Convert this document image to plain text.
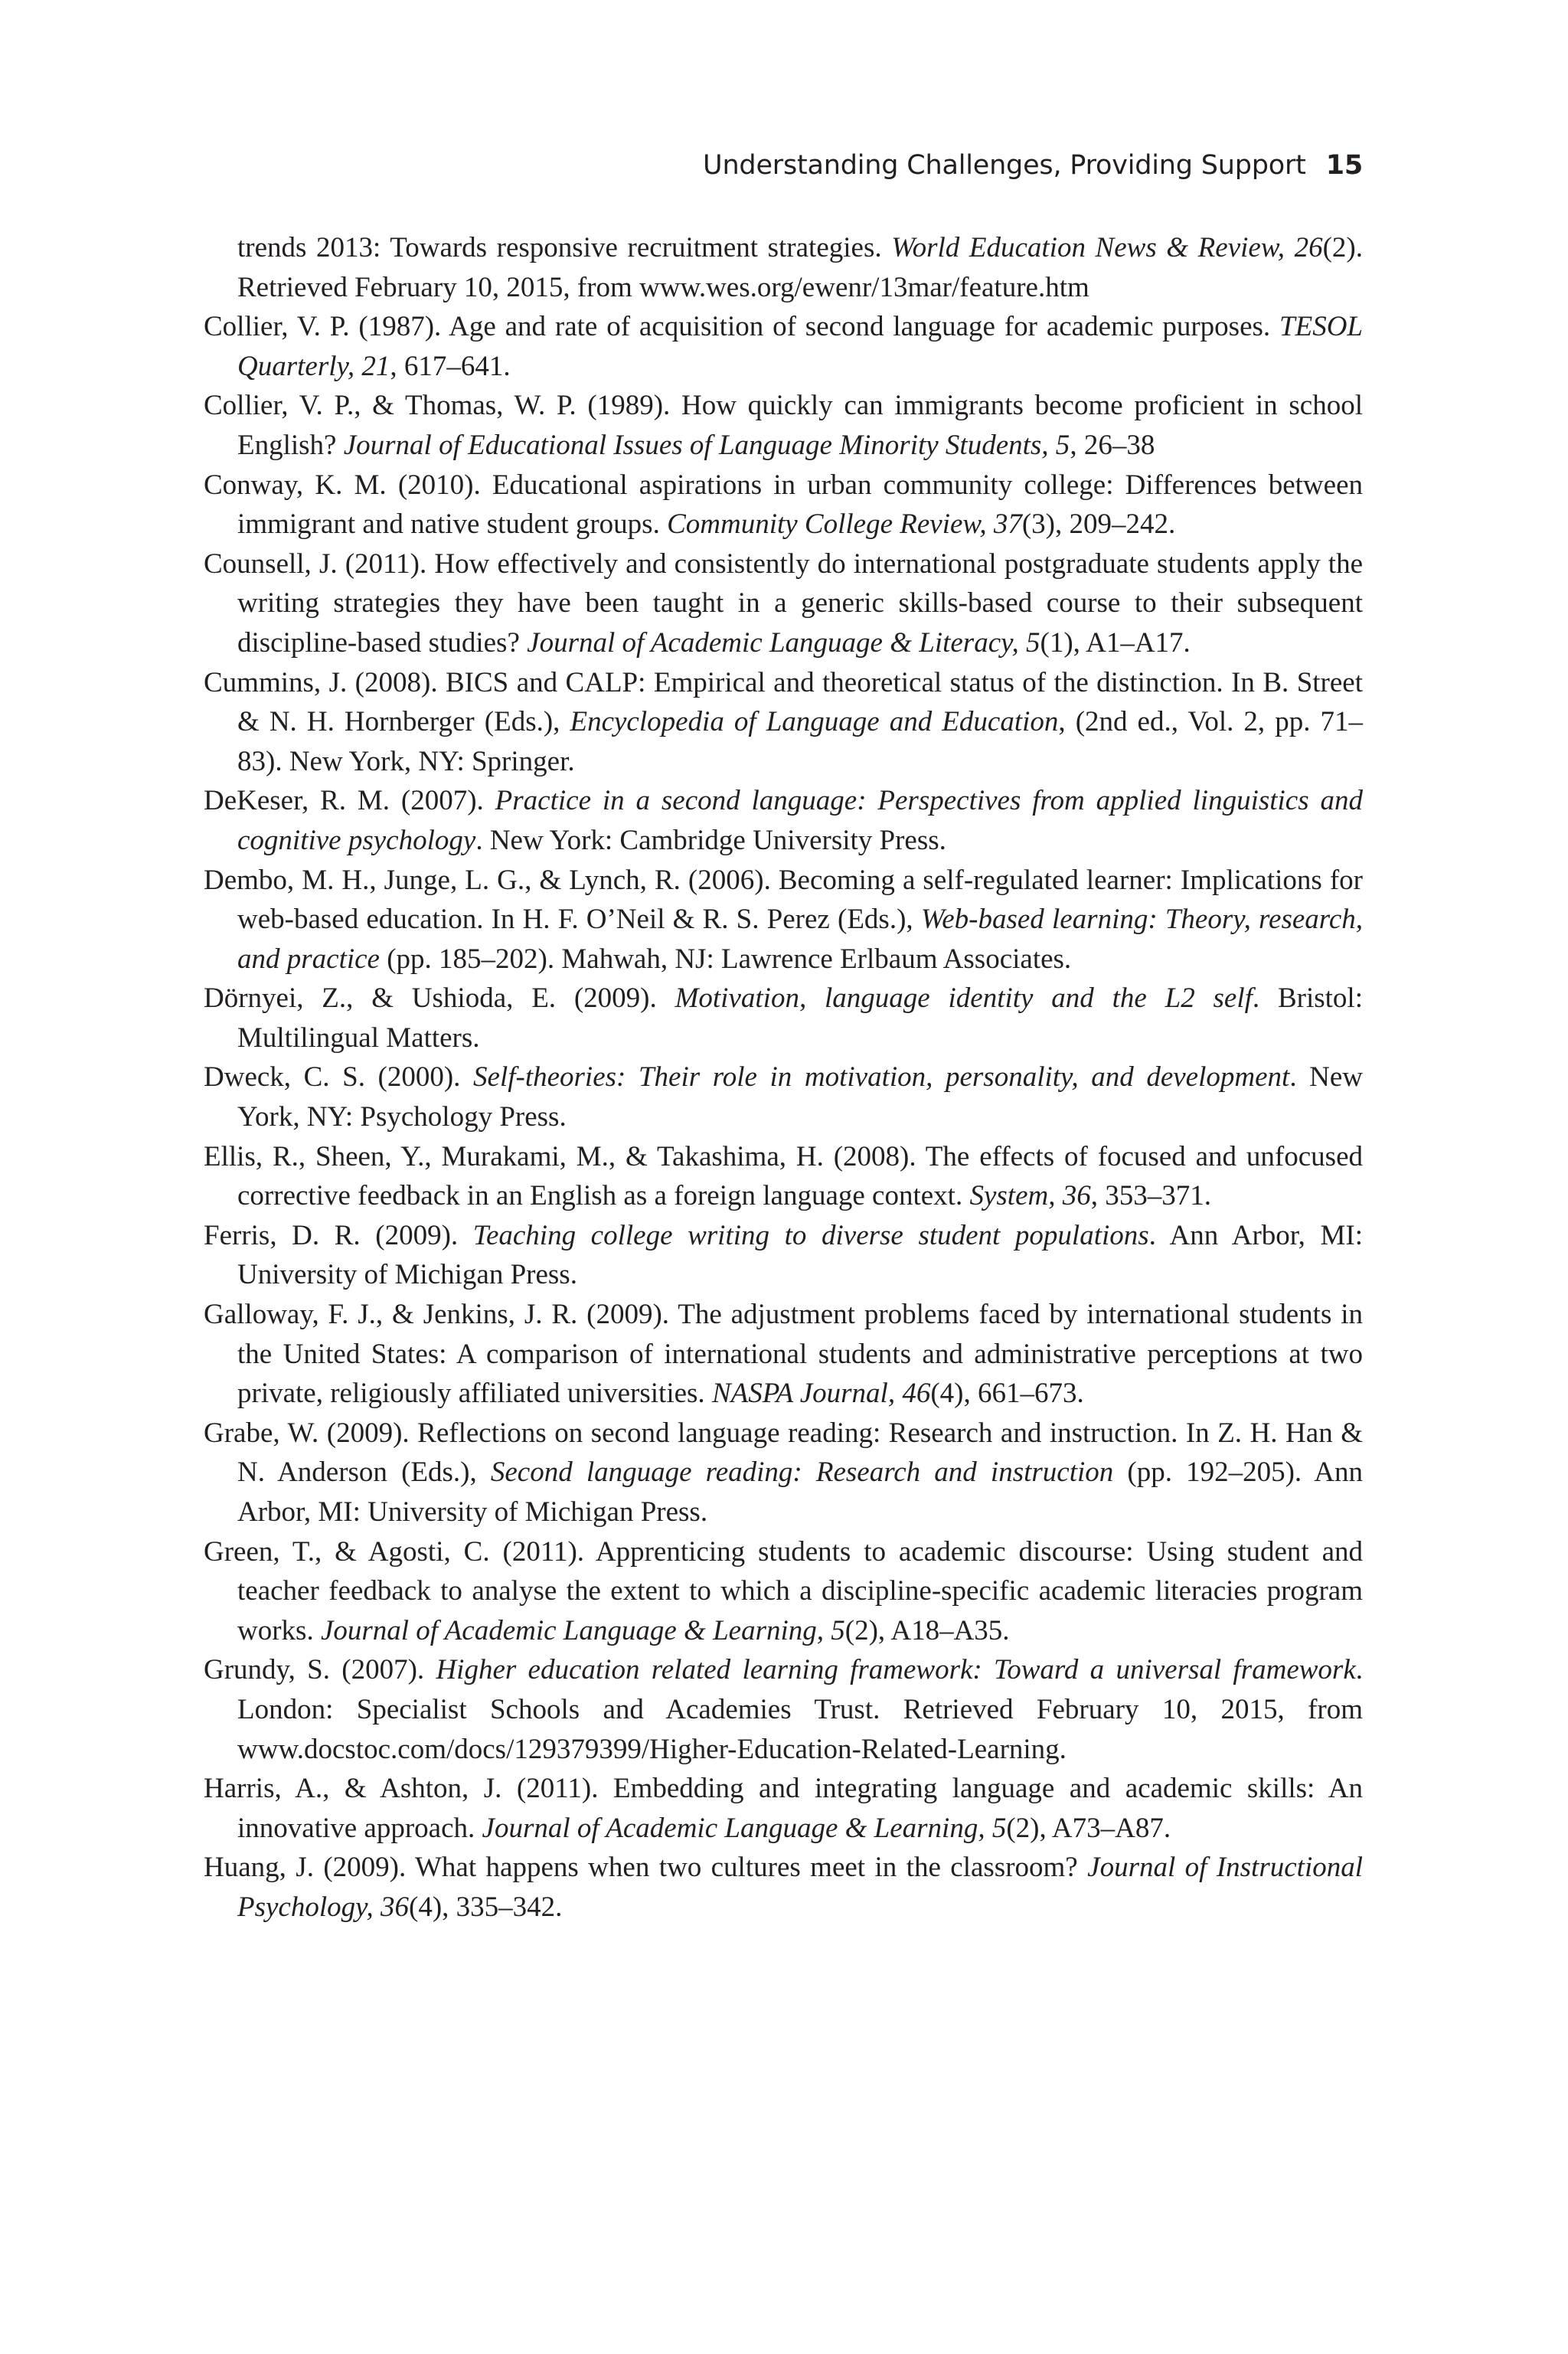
Understanding Challenges, Providing Support 15

trends 2013: Towards responsive recruitment strategies. World Education News & Review, 26(2). Retrieved February 10, 2015, from www.wes.org/ewenr/13mar/feature.htm

Collier, V. P. (1987). Age and rate of acquisition of second language for academic purposes. TESOL Quarterly, 21, 617–641.

Collier, V. P., & Thomas, W. P. (1989). How quickly can immigrants become proficient in school English? Journal of Educational Issues of Language Minority Students, 5, 26–38

Conway, K. M. (2010). Educational aspirations in urban community college: Differences between immigrant and native student groups. Community College Review, 37(3), 209–242.

Counsell, J. (2011). How effectively and consistently do international postgraduate students apply the writing strategies they have been taught in a generic skills-based course to their subsequent discipline-based studies? Journal of Academic Language & Literacy, 5(1), A1–A17.

Cummins, J. (2008). BICS and CALP: Empirical and theoretical status of the distinction. In B. Street & N. H. Hornberger (Eds.), Encyclopedia of Language and Education, (2nd ed., Vol. 2, pp. 71–83). New York, NY: Springer.

DeKeser, R. M. (2007). Practice in a second language: Perspectives from applied linguistics and cognitive psychology. New York: Cambridge University Press.

Dembo, M. H., Junge, L. G., & Lynch, R. (2006). Becoming a self-regulated learner: Implications for web-based education. In H. F. O’Neil & R. S. Perez (Eds.), Web-based learning: Theory, research, and practice (pp. 185–202). Mahwah, NJ: Lawrence Erlbaum Associates.

Dörnyei, Z., & Ushioda, E. (2009). Motivation, language identity and the L2 self. Bristol: Multilingual Matters.

Dweck, C. S. (2000). Self-theories: Their role in motivation, personality, and development. New York, NY: Psychology Press.

Ellis, R., Sheen, Y., Murakami, M., & Takashima, H. (2008). The effects of focused and unfocused corrective feedback in an English as a foreign language context. System, 36, 353–371.

Ferris, D. R. (2009). Teaching college writing to diverse student populations. Ann Arbor, MI: University of Michigan Press.

Galloway, F. J., & Jenkins, J. R. (2009). The adjustment problems faced by international students in the United States: A comparison of international students and administrative perceptions at two private, religiously affiliated universities. NASPA Journal, 46(4), 661–673.

Grabe, W. (2009). Reflections on second language reading: Research and instruction. In Z. H. Han & N. Anderson (Eds.), Second language reading: Research and instruction (pp. 192–205). Ann Arbor, MI: University of Michigan Press.

Green, T., & Agosti, C. (2011). Apprenticing students to academic discourse: Using student and teacher feedback to analyse the extent to which a discipline-specific academic literacies program works. Journal of Academic Language & Learning, 5(2), A18–A35.

Grundy, S. (2007). Higher education related learning framework: Toward a universal framework. London: Specialist Schools and Academies Trust. Retrieved February 10, 2015, from www.docstoc.com/docs/129379399/Higher-Education-Related-Learning.

Harris, A., & Ashton, J. (2011). Embedding and integrating language and academic skills: An innovative approach. Journal of Academic Language & Learning, 5(2), A73–A87.

Huang, J. (2009). What happens when two cultures meet in the classroom? Journal of Instructional Psychology, 36(4), 335–342.
